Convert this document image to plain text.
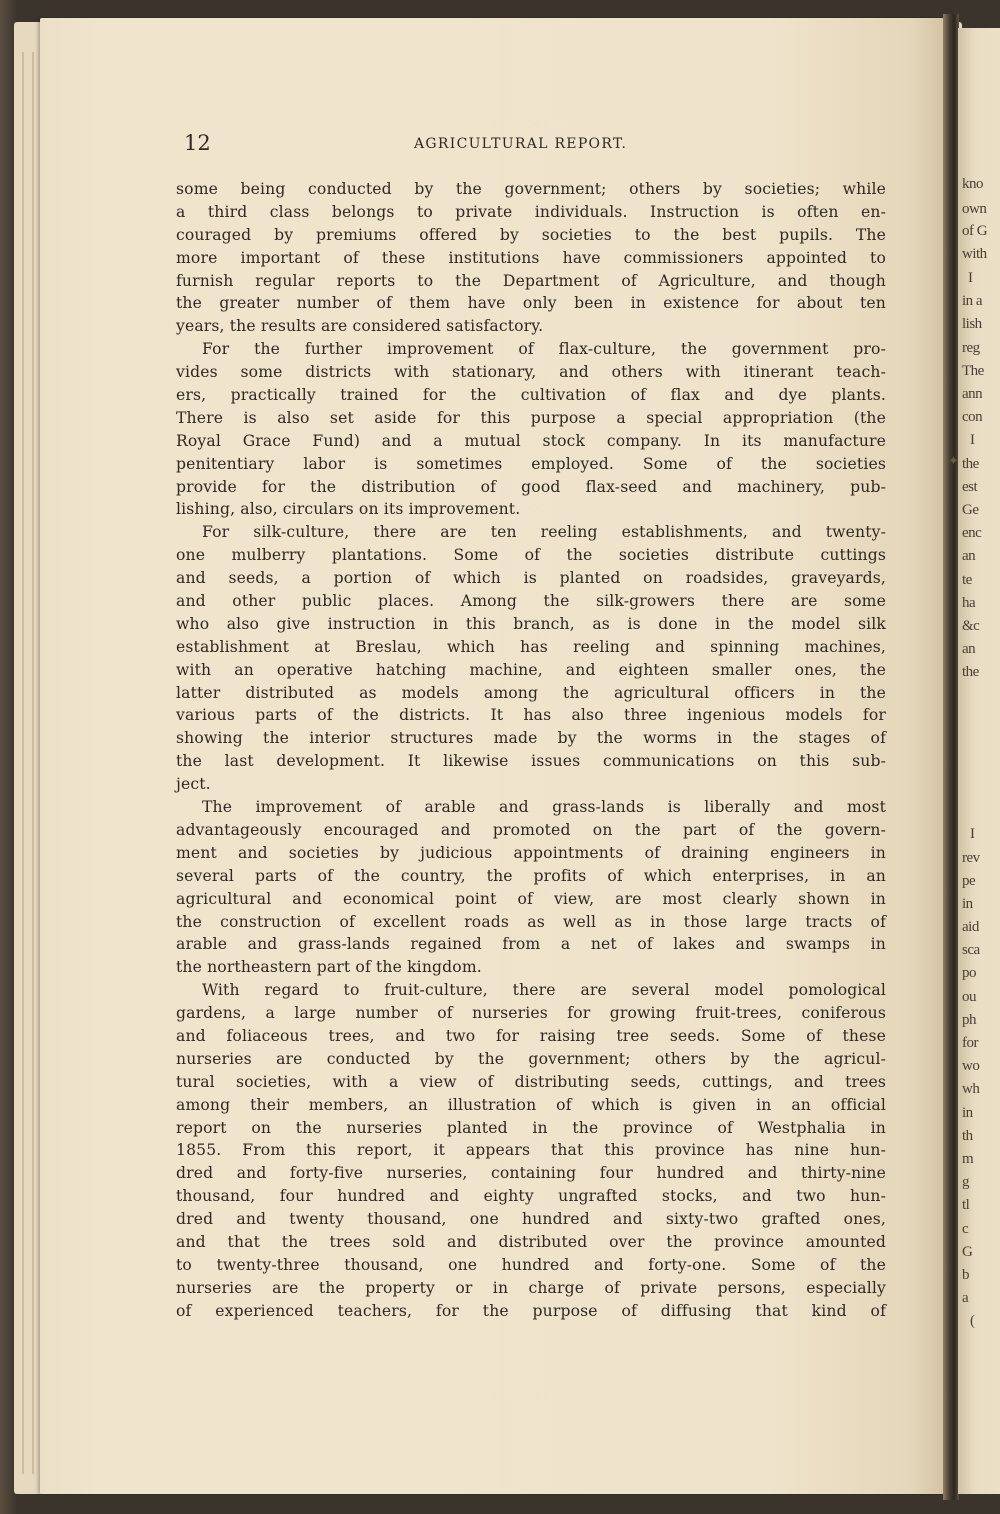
kno
own
of G
with
I
in a
lish
reg
The
ann
con
I
the
est
Ge
enc
an
te
ha
&c
an
the
I
rev
pe
in
aid
sca
po
ou
ph
for
wo
wh
in
th
m
g
tl
c
G
b
a
(
✦
12	AGRICULTURAL REPORT.
some being conducted by the government; others by societies; while
a third class belongs to private individuals. Instruction is often en-
couraged by premiums offered by societies to the best pupils. The
more important of these institutions have commissioners appointed to
furnish regular reports to the Department of Agriculture, and though
the greater number of them have only been in existence for about ten
years, the results are considered satisfactory.
For the further improvement of flax-culture, the government pro-
vides some districts with stationary, and others with itinerant teach-
ers, practically trained for the cultivation of flax and dye plants.
There is also set aside for this purpose a special appropriation (the
Royal Grace Fund) and a mutual stock company. In its manufacture
penitentiary labor is sometimes employed. Some of the societies
provide for the distribution of good flax-seed and machinery, pub-
lishing, also, circulars on its improvement.
For silk-culture, there are ten reeling establishments, and twenty-
one mulberry plantations. Some of the societies distribute cuttings
and seeds, a portion of which is planted on roadsides, graveyards,
and other public places. Among the silk-growers there are some
who also give instruction in this branch, as is done in the model silk
establishment at Breslau, which has reeling and spinning machines,
with an operative hatching machine, and eighteen smaller ones, the
latter distributed as models among the agricultural officers in the
various parts of the districts. It has also three ingenious models for
showing the interior structures made by the worms in the stages of
the last development. It likewise issues communications on this sub-
ject.
The improvement of arable and grass-lands is liberally and most
advantageously encouraged and promoted on the part of the govern-
ment and societies by judicious appointments of draining engineers in
several parts of the country, the profits of which enterprises, in an
agricultural and economical point of view, are most clearly shown in
the construction of excellent roads as well as in those large tracts of
arable and grass-lands regained from a net of lakes and swamps in
the northeastern part of the kingdom.
With regard to fruit-culture, there are several model pomological
gardens, a large number of nurseries for growing fruit-trees, coniferous
and foliaceous trees, and two for raising tree seeds. Some of these
nurseries are conducted by the government; others by the agricul-
tural societies, with a view of distributing seeds, cuttings, and trees
among their members, an illustration of which is given in an official
report on the nurseries planted in the province of Westphalia in
1855. From this report, it appears that this province has nine hun-
dred and forty-five nurseries, containing four hundred and thirty-nine
thousand, four hundred and eighty ungrafted stocks, and two hun-
dred and twenty thousand, one hundred and sixty-two grafted ones,
and that the trees sold and distributed over the province amounted
to twenty-three thousand, one hundred and forty-one. Some of the
nurseries are the property or in charge of private persons, especially
of experienced teachers, for the purpose of diffusing that kind of
